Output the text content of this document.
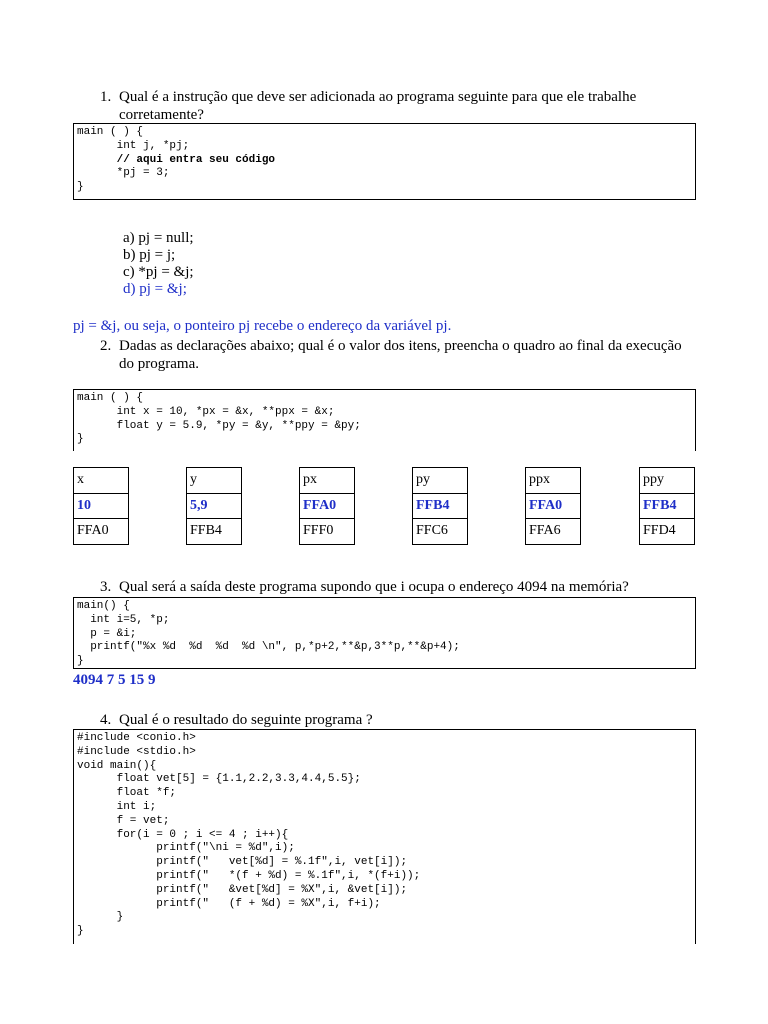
1. Qual é a instrução que deve ser adicionada ao programa seguinte para que ele trabalhe corretamente?
main ( ) {
int j, *pj;
// aqui entra seu código
*pj = 3;
}
a) pj = null;
b) pj = j;
c) *pj = &j;
d) pj = &j;
pj = &j, ou seja, o ponteiro pj recebe o endereço da variável pj.
2. Dadas as declarações abaixo; qual é o valor dos itens, preencha o quadro ao final da execução do programa.
main ( ) {
int x = 10, *px = &x, **ppx = &x;
float y = 5.9, *py = &y, **ppy = &py;
}
x
10
FFA0
y
5,9
FFB4
px
FFA0
FFF0
py
FFB4
FFC6
ppx
FFA0
FFA6
ppy
FFB4
FFD4
3. Qual será a saída deste programa supondo que i ocupa o endereço 4094 na memória?
main() {
int i=5, *p;
p = &i;
printf("%x %d  %d  %d  %d \n", p,*p+2,**&p,3**p,**&p+4);
}
4094 7 5 15 9
4. Qual é o resultado do seguinte programa ?
#include <conio.h>
#include <stdio.h>
void main(){
float vet[5] = {1.1,2.2,3.3,4.4,5.5};
float *f;
int i;
f = vet;
for(i = 0 ; i <= 4 ; i++){
printf("\ni = %d",i);
printf("   vet[%d] = %.1f",i, vet[i]);
printf("   *(f + %d) = %.1f",i, *(f+i));
printf("   &vet[%d] = %X",i, &vet[i]);
printf("   (f + %d) = %X",i, f+i);
}
}
